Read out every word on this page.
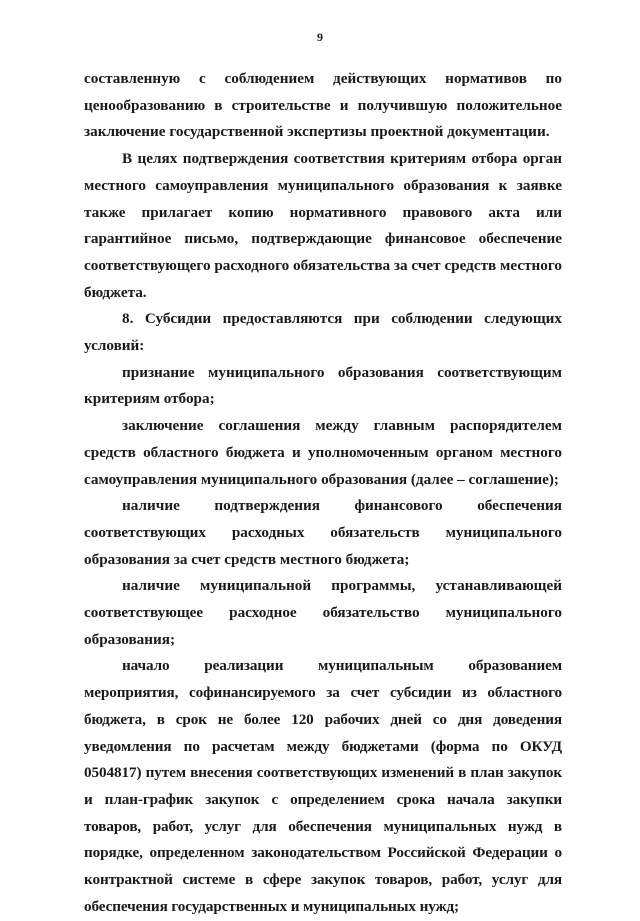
9

составленную с соблюдением действующих нормативов по ценообразованию в строительстве и получившую положительное заключение государственной экспертизы проектной документации.

В целях подтверждения соответствия критериям отбора орган местного самоуправления муниципального образования к заявке также прилагает копию нормативного правового акта или гарантийное письмо, подтверждающие финансовое обеспечение соответствующего расходного обязательства за счет средств местного бюджета.

8. Субсидии предоставляются при соблюдении следующих условий:

признание муниципального образования соответствующим критериям отбора;

заключение соглашения между главным распорядителем средств областного бюджета и уполномоченным органом местного самоуправления муниципального образования (далее – соглашение);

наличие подтверждения финансового обеспечения соответствующих расходных обязательств муниципального образования за счет средств местного бюджета;

наличие муниципальной программы, устанавливающей соответствующее расходное обязательство муниципального образования;

начало реализации муниципальным образованием мероприятия, софинансируемого за счет субсидии из областного бюджета, в срок не более 120 рабочих дней со дня доведения уведомления по расчетам между бюджетами (форма по ОКУД 0504817) путем внесения соответствующих изменений в план закупок и план-график закупок с определением срока начала закупки товаров, работ, услуг для обеспечения муниципальных нужд в порядке, определенном законодательством Российской Федерации о контрактной системе в сфере закупок товаров, работ, услуг для обеспечения государственных и муниципальных нужд;
